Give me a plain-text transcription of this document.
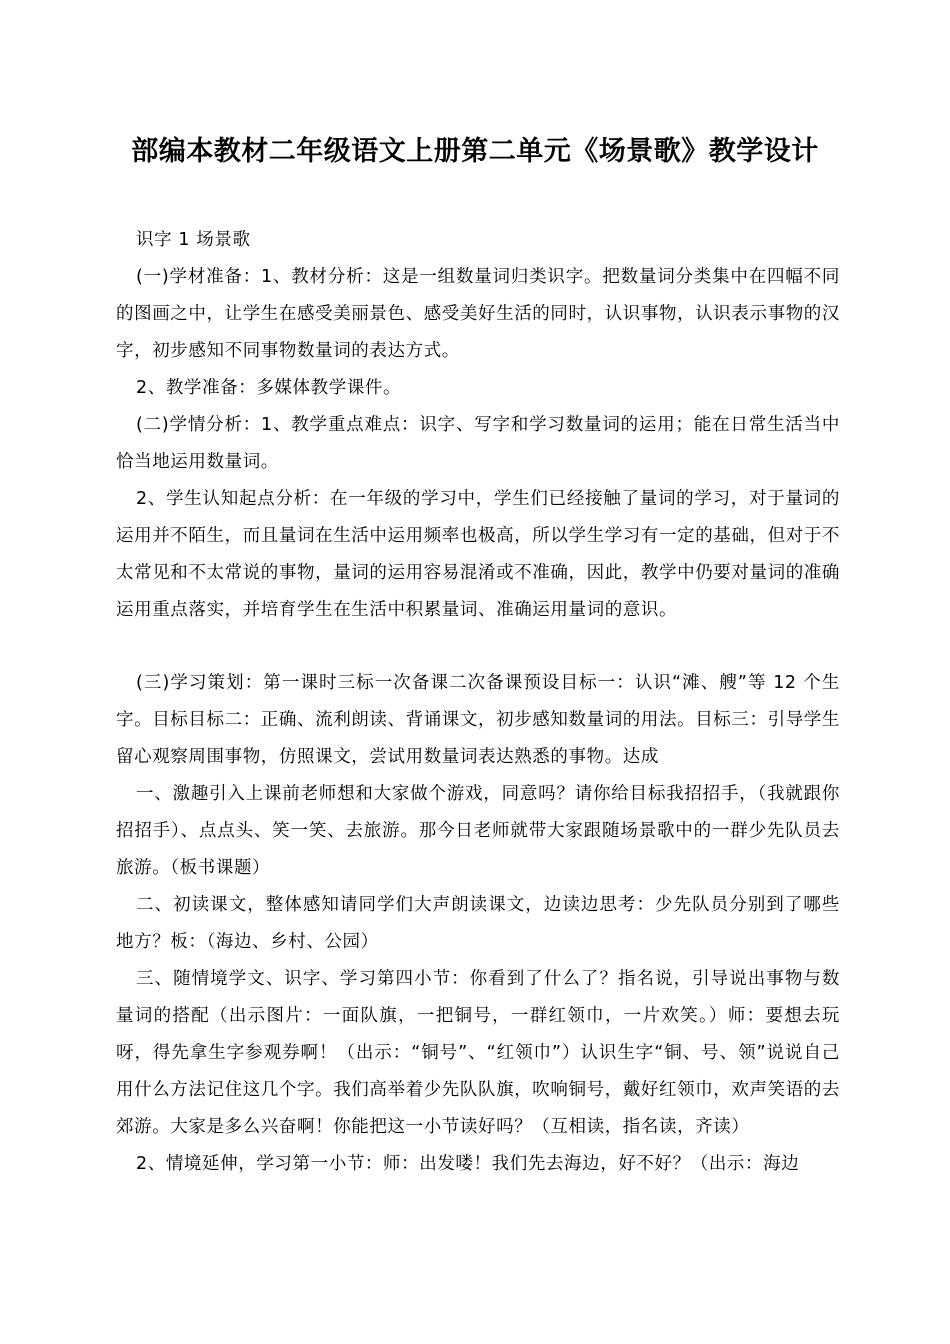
部编本教材二年级语文上册第二单元《场景歌》教学设计

识字 1 场景歌

(一)学材准备：1、教材分析：这是一组数量词归类识字。把数量词分类集中在四幅不同的图画之中，让学生在感受美丽景色、感受美好生活的同时，认识事物，认识表示事物的汉字，初步感知不同事物数量词的表达方式。

2、教学准备：多媒体教学课件。

(二)学情分析：1、教学重点难点：识字、写字和学习数量词的运用；能在日常生活当中恰当地运用数量词。

2、学生认知起点分析：在一年级的学习中，学生们已经接触了量词的学习，对于量词的运用并不陌生，而且量词在生活中运用频率也极高，所以学生学习有一定的基础，但对于不太常见和不太常说的事物，量词的运用容易混淆或不准确，因此，教学中仍要对量词的准确运用重点落实，并培育学生在生活中积累量词、准确运用量词的意识。

(三)学习策划：第一课时三标一次备课二次备课预设目标一：认识“滩、艘”等 12 个生字。目标目标二：正确、流利朗读、背诵课文，初步感知数量词的用法。目标三：引导学生留心观察周围事物，仿照课文，尝试用数量词表达熟悉的事物。达成

一、激趣引入上课前老师想和大家做个游戏，同意吗？请你给目标我招招手，（我就跟你招招手）、点点头、笑一笑、去旅游。那今日老师就带大家跟随场景歌中的一群少先队员去旅游。（板书课题）

二、初读课文，整体感知请同学们大声朗读课文，边读边思考：少先队员分别到了哪些地方？板：（海边、乡村、公园）

三、随情境学文、识字、学习第四小节：你看到了什么了？指名说，引导说出事物与数量词的搭配（出示图片：一面队旗，一把铜号，一群红领巾，一片欢笑。）师：要想去玩呀，得先拿生字参观券啊！（出示：“铜号”、“红领巾”）认识生字“铜、号、领”说说自己用什么方法记住这几个字。我们高举着少先队队旗，吹响铜号，戴好红领巾，欢声笑语的去郊游。大家是多么兴奋啊！你能把这一小节读好吗？（互相读，指名读，齐读）

2、情境延伸，学习第一小节：师：出发喽！我们先去海边，好不好？（出示：海边
